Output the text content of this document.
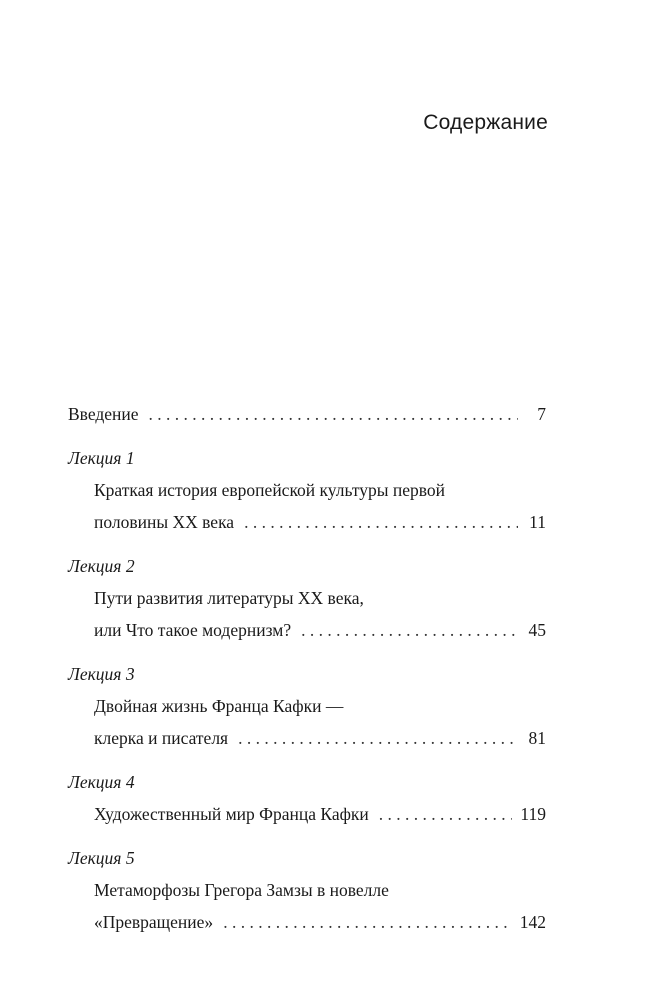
Содержание
Введение . . .	7
Лекция 1
Краткая история европейской культуры первой
половины XX века . . .	11
Лекция 2
Пути развития литературы XX века,
или Что такое модернизм? . . .	45
Лекция 3
Двойная жизнь Франца Кафки —
клерка и писателя . . .	81
Лекция 4
Художественный мир Франца Кафки . . .	119
Лекция 5
Метаморфозы Грегора Замзы в новелле
«Превращение» . . .	142
